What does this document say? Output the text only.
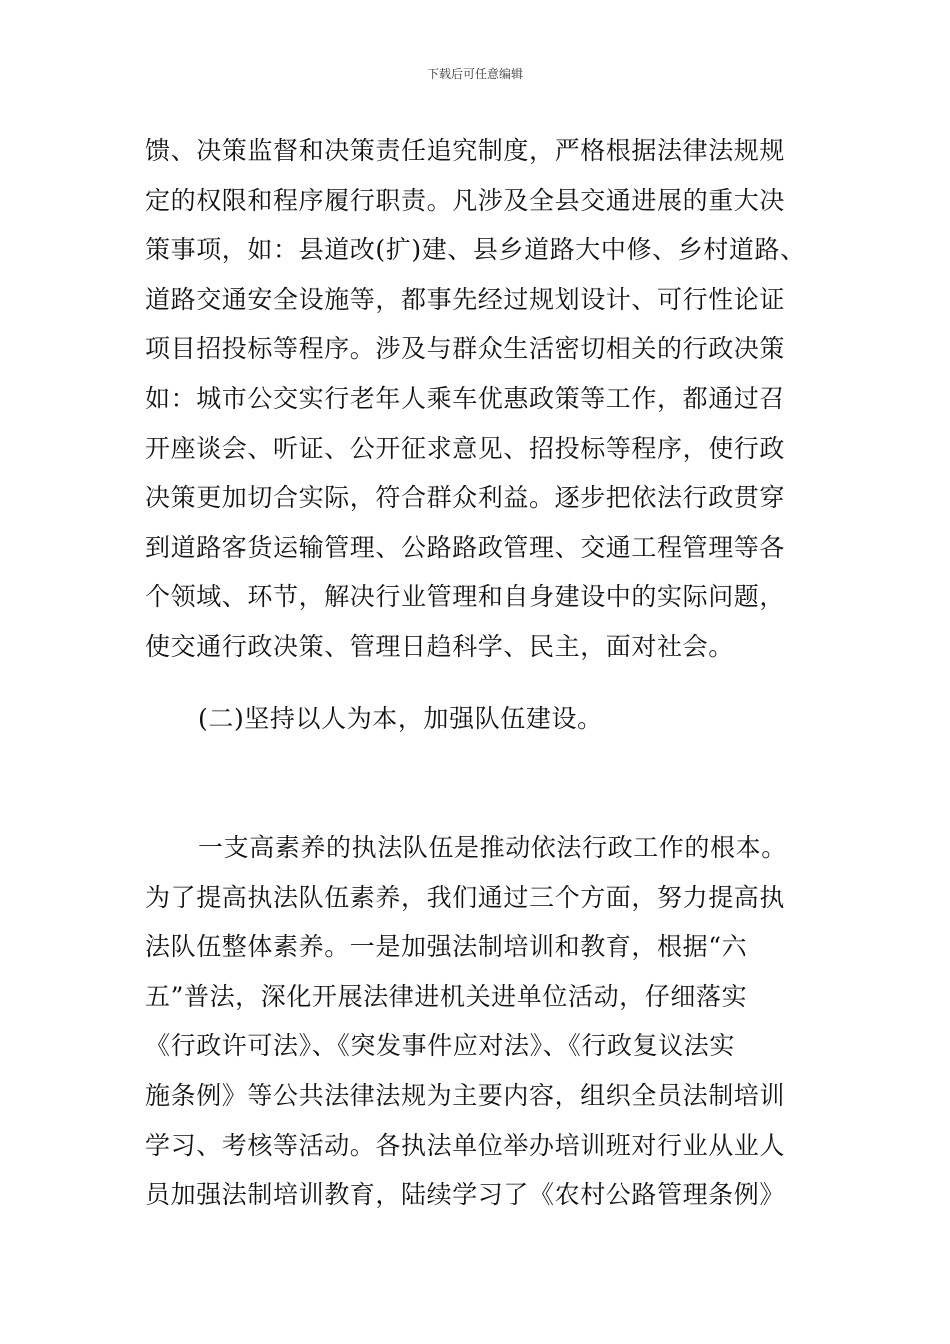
下载后可任意编辑
馈、决策监督和决策责任追究制度，严格根据法律法规规
定的权限和程序履行职责。凡涉及全县交通进展的重大决
策事项，如：县道改(扩)建、县乡道路大中修、乡村道路、
道路交通安全设施等，都事先经过规划设计、可行性论证
项目招投标等程序。涉及与群众生活密切相关的行政决策
如：城市公交实行老年人乘车优惠政策等工作，都通过召
开座谈会、听证、公开征求意见、招投标等程序，使行政
决策更加切合实际，符合群众利益。逐步把依法行政贯穿
到道路客货运输管理、公路路政管理、交通工程管理等各
个领域、环节，解决行业管理和自身建设中的实际问题，
使交通行政决策、管理日趋科学、民主，面对社会。
(二)坚持以人为本，加强队伍建设。
一支高素养的执法队伍是推动依法行政工作的根本。
为了提高执法队伍素养，我们通过三个方面，努力提高执
法队伍整体素养。一是加强法制培训和教育，根据“六
五”普法，深化开展法律进机关进单位活动，仔细落实
《行政许可法》、《突发事件应对法》、《行政复议法实
施条例》等公共法律法规为主要内容，组织全员法制培训
学习、考核等活动。各执法单位举办培训班对行业从业人
员加强法制培训教育，陆续学习了《农村公路管理条例》
